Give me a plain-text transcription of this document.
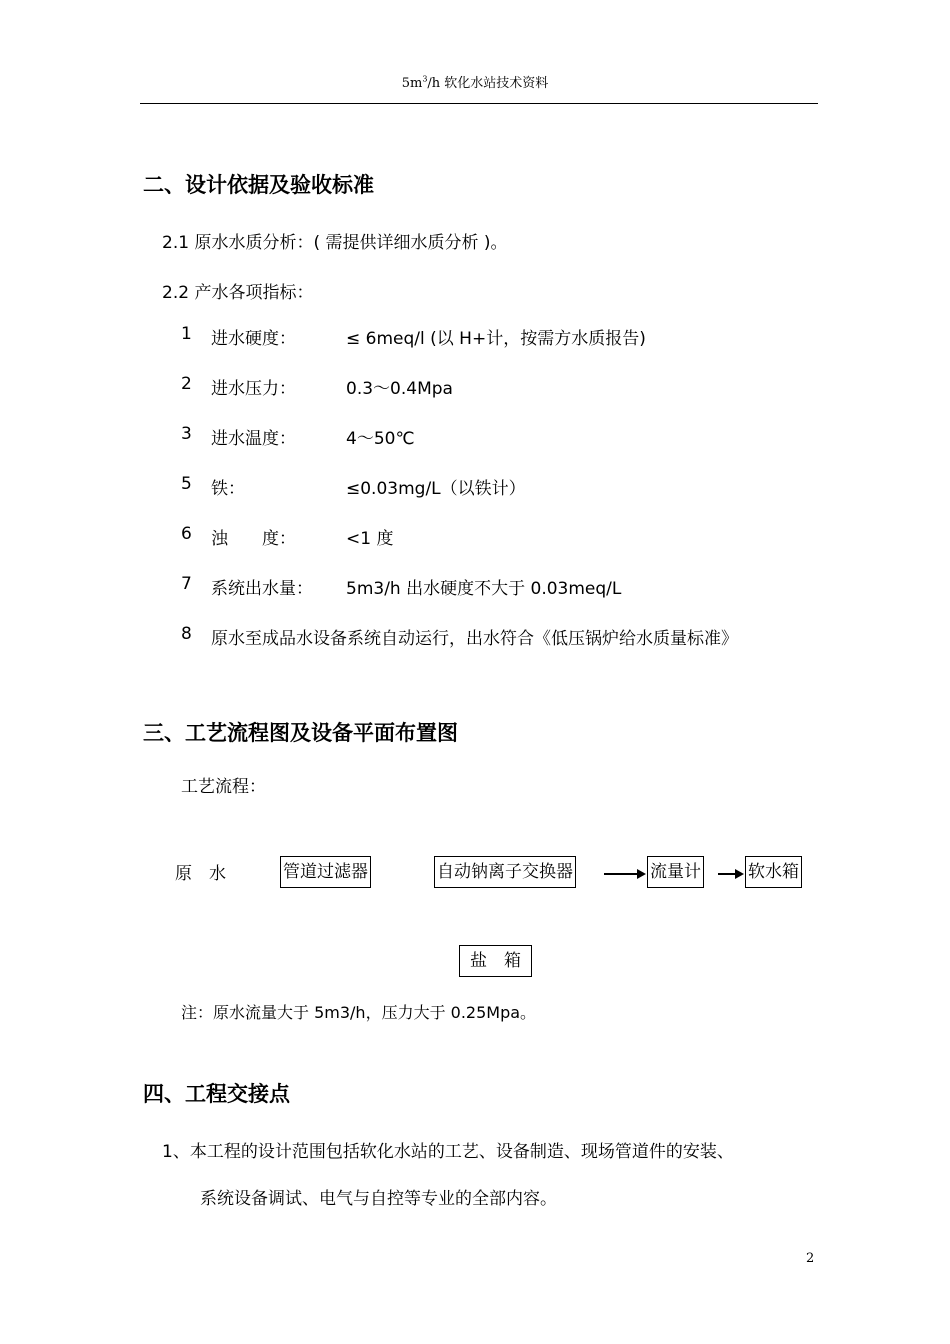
$5m^3/h$ 软化水站技术资料
二、设计依据及验收标准
2.1 原水水质分析：( 需提供详细水质分析 )。
2.2 产水各项指标：
1 进水硬度：	≤ 6meq/l (以 H+计，按需方水质报告)
2 进水压力：	0.3～0.4Mpa
3 进水温度：	4～50℃
5 铁：	≤0.03mg/L（以铁计）
6 浊　　度：	<1 度
7 系统出水量： 5m3/h 出水硬度不大于 0.03meq/L
8 原水至成品水设备系统自动运行，出水符合《低压锅炉给水质量标准》
三、工艺流程图及设备平面布置图
工艺流程：
原　水	管道过滤器	自动钠离子交换器	流量计	软水箱
盐　箱
注：原水流量大于 5m3/h，压力大于 0.25Mpa。
四、工程交接点
1、本工程的设计范围包括软化水站的工艺、设备制造、现场管道件的安装、
系统设备调试、电气与自控等专业的全部内容。
2
